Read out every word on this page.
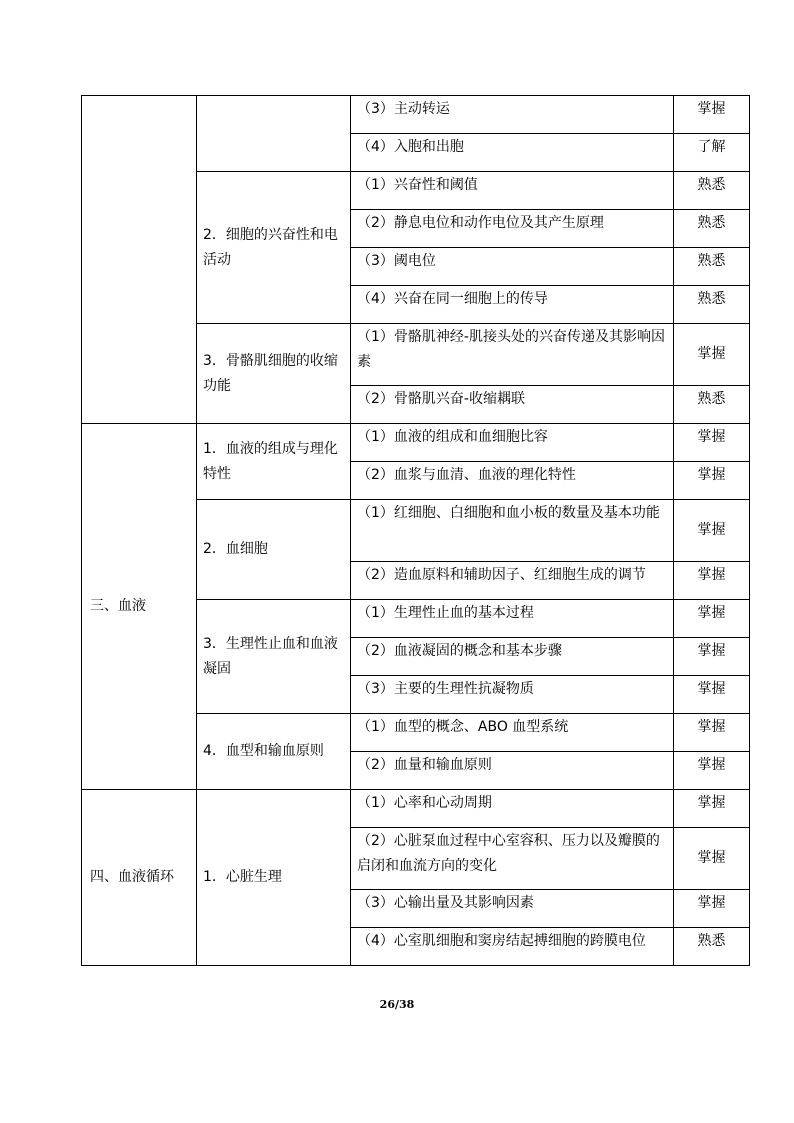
		（3）主动转运	掌握
		（4）入胞和出胞	了解
	2．细胞的兴奋性和电活动	（1）兴奋性和阈值	熟悉
		（2）静息电位和动作电位及其产生原理	熟悉
		（3）阈电位	熟悉
		（4）兴奋在同一细胞上的传导	熟悉
	3．骨骼肌细胞的收缩功能	（1）骨骼肌神经-肌接头处的兴奋传递及其影响因素	掌握
		（2）骨骼肌兴奋-收缩耦联	熟悉
三、血液	1．血液的组成与理化特性	（1）血液的组成和血细胞比容	掌握
		（2）血浆与血清、血液的理化特性	掌握
	2．血细胞	（1）红细胞、白细胞和血小板的数量及基本功能	掌握
		（2）造血原料和辅助因子、红细胞生成的调节	掌握
	3．生理性止血和血液凝固	（1）生理性止血的基本过程	掌握
		（2）血液凝固的概念和基本步骤	掌握
		（3）主要的生理性抗凝物质	掌握
	4．血型和输血原则	（1）血型的概念、ABO 血型系统	掌握
		（2）血量和输血原则	掌握
四、血液循环	1．心脏生理	（1）心率和心动周期	掌握
		（2）心脏泵血过程中心室容积、压力以及瓣膜的启闭和血流方向的变化	掌握
		（3）心输出量及其影响因素	掌握
		（4）心室肌细胞和窦房结起搏细胞的跨膜电位	熟悉
26/38
